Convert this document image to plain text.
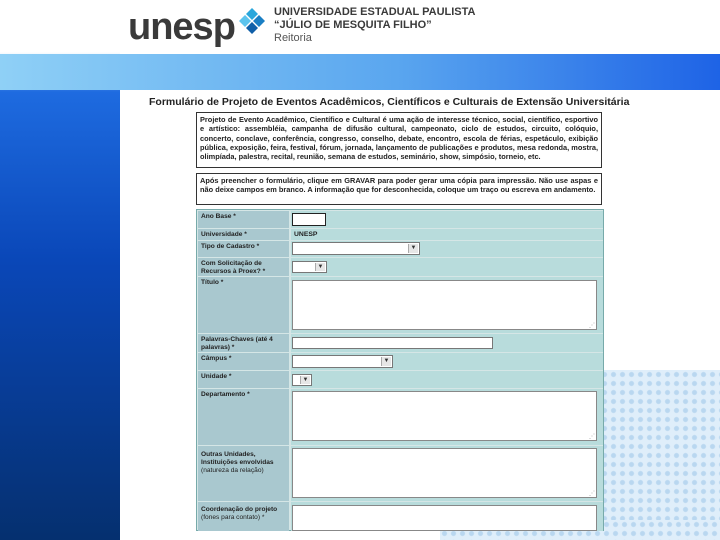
unesp	UNIVERSIDADE ESTADUAL PAULISTA
“JÚLIO DE MESQUITA FILHO”
Reitoria
Formulário de Projeto de Eventos Acadêmicos, Científicos e Culturais de Extensão Universitária
Projeto de Evento Acadêmico, Científico e Cultural é uma ação de interesse técnico, social, científico, esportivo e artístico: assembléia, campanha de difusão cultural, campeonato, ciclo de estudos, circuito, colóquio, concerto, conclave, conferência, congresso, conselho, debate, encontro, escola de férias, espetáculo, exibição pública, exposição, feira, festival, fórum, jornada, lançamento de publicações e produtos, mesa redonda, mostra, olimpíada, palestra, recital, reunião, semana de estudos, seminário, show, simpósio, torneio, etc.
Após preencher o formulário, clique em GRAVAR para poder gerar uma cópia para impressão. Não use aspas e não deixe campos em branco. A informação que for desconhecida, coloque um traço ou escreva em andamento.
Ano Base *
Universidade *	UNESP
Tipo de Cadastro *	▼
Com Solicitação de Recursos à Proex? *
▼
Título *
⋰
Palavras-Chaves (até 4 palavras) *
Câmpus *	▼
Unidade *	▼
Departamento *
⋰
Outras Unidades, Instituições envolvidas
(natureza da relação)
⋰
Coordenação do projeto
(fones para contato) *
